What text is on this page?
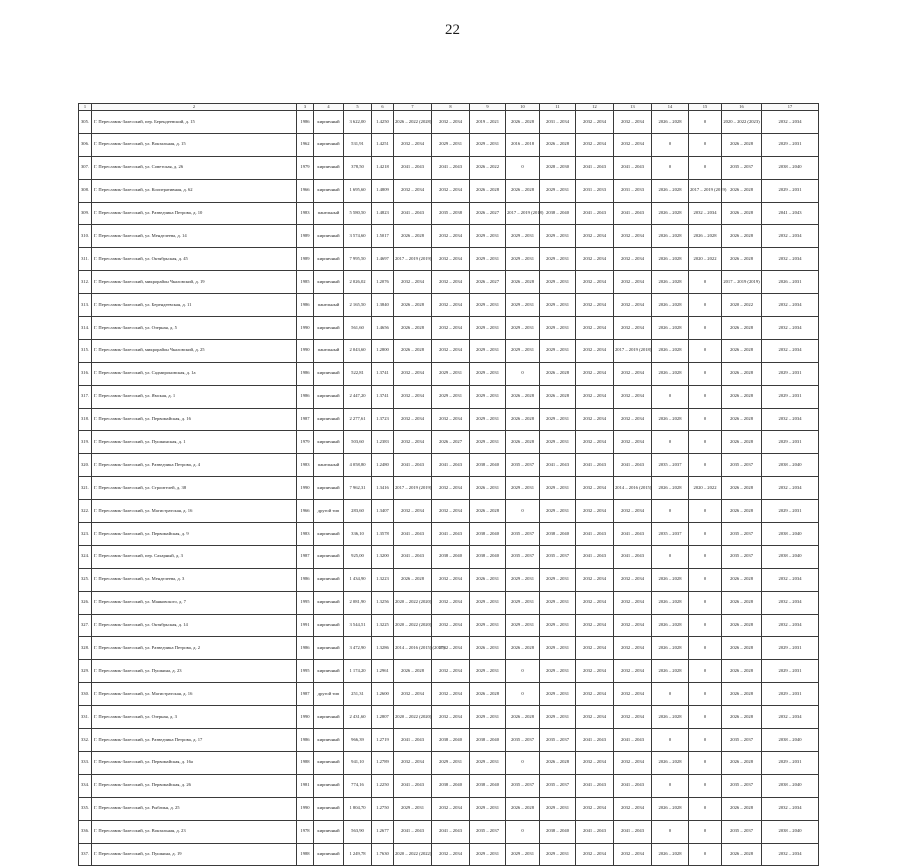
22
1	2	3	4	5	6	7	8	9	10	11	12	13	14	15	16	17
305.	Г. Переславль-Залесский, пер. Берендеевский, д. 15	1986	кирпичный	3 622,00	1.4250	2026 – 2022 (2028)	2032 – 2034	2019 – 2021	2026 – 2028	2031 – 2034	2032 – 2034	2032 – 2034	2026 – 2028	0	2020 – 2022 (2023)	2032 – 2034
306.	Г. Переславль-Залесский, ул. Вокзальная, д. 15	1962	кирпичный	531,91	1.4251	2032 – 2034	2029 – 2031	2029 – 2031	2016 – 2018	2026 – 2028	2032 – 2034	2032 – 2034	0	0	2026 – 2028	2029 – 2031
307.	Г. Переславль-Залесский, ул. Советская, д. 26	1979	кирпичный	378,50	1.4218	2041 – 2043	2041 – 2043	2026 – 2022	0	2028 – 2030	2041 – 2043	2041 – 2043	0	0	2035 – 2037	2038 – 2040
308.	Г. Переславль-Залесский, ул. Кооперативная, д. 62	1966	кирпичный	1 695,60	1.4809	2032 – 2034	2032 – 2034	2026 – 2028	2026 – 2028	2029 – 2031	2031 – 2033	2031 – 2033	2026 – 2028	2017 – 2019 (2019)	2026 – 2028	2029 – 2031
309.	Г. Переславль-Залесский, ул. Разведчика Петрова, д. 10	1983	панельный	5 580,50	1.4823	2041 – 2043	2035 – 2038	2026 – 2027	2017 – 2019 (2018)	2038 – 2040	2041 – 2043	2041 – 2043	2026 – 2028	2032 – 2034	2026 – 2028	2041 – 2043
310.	Г. Переславль-Залесский, ул. Менделеева, д. 14	1989	кирпичный	3 574,60	1.5017	2026 – 2028	2032 – 2034	2029 – 2031	2029 – 2031	2029 – 2031	2032 – 2034	2032 – 2034	2026 – 2028	2026 – 2028	2026 – 2028	2032 – 2034
311.	Г. Переславль-Залесский, ул. Октябрьская, д. 45	1989	кирпичный	7 995,50	1.4697	2017 – 2019 (2019)	2032 – 2034	2029 – 2031	2029 – 2031	2029 – 2031	2032 – 2034	2032 – 2034	2026 – 2028	2020 – 2022	2026 – 2028	2032 – 2034
312.	Г. Переславль-Залесский, микрорайон Чкаловский, д. 19	1985	кирпичный	2 026,02	1.2076	2032 – 2034	2032 – 2034	2026 – 2027	2026 – 2028	2029 – 2031	2032 – 2034	2032 – 2034	2026 – 2028	0	2017 – 2019 (2019)	2026 – 2031
313.	Г. Переславль-Залесский, ул. Берендеевская, д. 11	1986	панельный	2 165,50	1.3840	2026 – 2028	2032 – 2034	2029 – 2031	2029 – 2031	2029 – 2031	2032 – 2034	2032 – 2034	2026 – 2028	0	2020 – 2022	2032 – 2034
314.	Г. Переславль-Залесский, ул. Озерная, д. 5	1990	кирпичный	561,60	1.4656	2026 – 2028	2032 – 2034	2029 – 2031	2029 – 2031	2029 – 2031	2032 – 2034	2032 – 2034	2026 – 2028	0	2026 – 2028	2032 – 2034
315.	Г. Переславль-Залесский, микрорайон Чкаловский, д. 25	1990	панельный	2 043,60	1.2800	2026 – 2028	2032 – 2034	2029 – 2031	2029 – 2031	2029 – 2031	2032 – 2034	2017 – 2019 (2018)	2026 – 2028	0	2026 – 2028	2032 – 2034
316.	Г. Переславль-Залесский, ул. Садмироновская, д. 1а	1986	кирпичный	522,81	1.3741	2032 – 2034	2029 – 2031	2029 – 2031	0	2026 – 2028	2032 – 2034	2032 – 2034	2026 – 2028	0	2026 – 2028	2029 – 2031
317.	Г. Переславль-Залесский, ул. Ямская, д. 1	1986	кирпичный	2 447,20	1.3741	2032 – 2034	2029 – 2031	2029 – 2031	2026 – 2028	2026 – 2028	2032 – 2034	2032 – 2034	0	0	2026 – 2028	2029 – 2031
318.	Г. Переславль-Залесский, ул. Первомайская, д. 16	1987	кирпичный	2 277,61	1.3723	2032 – 2034	2032 – 2034	2029 – 2031	2026 – 2028	2029 – 2031	2032 – 2034	2032 – 2034	2026 – 2028	0	2026 – 2028	2032 – 2034
319.	Г. Переславль-Залесский, ул. Пушкинская, д. 1	1979	кирпичный	503,60	1.2383	2032 – 2034	2026 – 2027	2029 – 2031	2026 – 2028	2029 – 2031	2032 – 2034	2032 – 2034	0	0	2026 – 2028	2029 – 2031
320.	Г. Переславль-Залесский, ул. Разведчика Петрова, д. 4	1983	панельный	4 058,80	1.2480	2041 – 2043	2041 – 2043	2038 – 2040	2035 – 2037	2041 – 2043	2041 – 2043	2041 – 2043	2035 – 2037	0	2035 – 2037	2038 – 2040
321.	Г. Переславль-Залесский, ул. Строителей, д. 38	1990	кирпичный	7 962,31	1.3416	2017 – 2019 (2019)	2032 – 2034	2026 – 2031	2029 – 2031	2029 – 2031	2032 – 2034	2014 – 2016 (2015)	2026 – 2028	2020 – 2022	2026 – 2028	2032 – 2034
322.	Г. Переславль-Залесский, ул. Магистратская, д. 16	1966	другой тип	283,60	1.3407	2032 – 2034	2032 – 2034	2026 – 2028	0	2029 – 2031	2032 – 2034	2032 – 2034	0	0	2026 – 2028	2029 – 2031
323.	Г. Переславль-Залесский, ул. Первомайская, д. 9	1983	кирпичный	336,10	1.3578	2041 – 2043	2041 – 2043	2038 – 2040	2035 – 2037	2038 – 2040	2041 – 2043	2041 – 2043	2035 – 2037	0	2035 – 2037	2038 – 2040
324.	Г. Переславль-Залесский, пер. Сахарный, д. 3	1987	кирпичный	925,00	1.3200	2041 – 2043	2038 – 2040	2038 – 2040	2035 – 2037	2035 – 2037	2041 – 2043	2041 – 2043	0	0	2035 – 2037	2038 – 2040
325.	Г. Переславль-Залесский, ул. Менделеева, д. 3	1986	кирпичный	1 434,90	1.3223	2026 – 2028	2032 – 2034	2026 – 2031	2029 – 2031	2029 – 2031	2032 – 2034	2032 – 2034	2026 – 2028	0	2026 – 2028	2032 – 2034
326.	Г. Переславль-Залесский, ул. Маяковского, д. 7	1995	кирпичный	2 081,90	1.3256	2020 – 2022 (2020)	2032 – 2034	2029 – 2031	2029 – 2031	2029 – 2031	2032 – 2034	2032 – 2034	2026 – 2028	0	2026 – 2028	2032 – 2034
327.	Г. Переславль-Залесский, ул. Октябрьская, д. 14	1991	кирпичный	3 544,51	1.3225	2020 – 2022 (2020)	2032 – 2034	2029 – 2031	2029 – 2031	2029 – 2031	2032 – 2034	2032 – 2034	2026 – 2028	0	2026 – 2028	2032 – 2034
328.	Г. Переславль-Залесский, ул. Разведчика Петрова, д. 2	1986	кирпичный	3 472,90	1.3286	2014 – 2016 (2015) (2017)	2032 – 2034	2026 – 2031	2026 – 2028	2029 – 2031	2032 – 2034	2032 – 2034	2026 – 2028	0	2026 – 2028	2029 – 2031
329.	Г. Переславль-Залесский, ул. Пушкина, д. 23	1995	кирпичный	1 174,20	1.2961	2026 – 2028	2032 – 2034	2029 – 2031	0	2029 – 2031	2032 – 2034	2032 – 2034	2026 – 2028	0	2026 – 2028	2029 – 2031
330.	Г. Переславль-Залесский, ул. Магистратская, д. 16	1987	другой тип	251,31	1.2600	2032 – 2034	2032 – 2034	2026 – 2028	0	2029 – 2031	2032 – 2034	2032 – 2034	0	0	2026 – 2028	2029 – 2031
331.	Г. Переславль-Залесский, ул. Озерная, д. 3	1990	кирпичный	2 431,60	1.2807	2020 – 2022 (2020)	2032 – 2034	2029 – 2031	2026 – 2028	2029 – 2031	2032 – 2034	2032 – 2034	2026 – 2028	0	2026 – 2028	2032 – 2034
332.	Г. Переславль-Залесский, ул. Разведчика Петрова, д. 17	1986	кирпичный	966,39	1.2719	2041 – 2043	2038 – 2040	2038 – 2040	2035 – 2037	2035 – 2037	2041 – 2043	2041 – 2043	0	0	2035 – 2037	2038 – 2040
333.	Г. Переславль-Залесский, ул. Первомайская, д. 16а	1988	кирпичный	941,10	1.2789	2032 – 2034	2029 – 2031	2029 – 2031	0	2026 – 2028	2032 – 2034	2032 – 2034	2026 – 2028	0	2026 – 2028	2029 – 2031
334.	Г. Переславль-Залесский, ул. Первомайская, д. 26	1981	кирпичный	774,16	1.2250	2041 – 2043	2038 – 2040	2038 – 2040	2035 – 2037	2035 – 2037	2041 – 2043	2041 – 2043	0	0	2035 – 2037	2038 – 2040
335.	Г. Переславль-Залесский, ул. Рыбачья, д. 25	1990	кирпичный	1 804,70	1.2750	2029 – 2031	2032 – 2034	2029 – 2031	2026 – 2028	2029 – 2031	2032 – 2034	2032 – 2034	2026 – 2028	0	2026 – 2028	2032 – 2034
336.	Г. Переславль-Залесский, ул. Вокзальная, д. 23	1978	кирпичный	563,90	1.2677	2041 – 2043	2041 – 2043	2035 – 2037	0	2038 – 2040	2041 – 2043	2041 – 2043	0	0	2035 – 2037	2038 – 2040
337.	Г. Переславль-Залесский, ул. Пушкина, д. 19	1988	кирпичный	1 249,78	1.7630	2020 – 2022 (2022)	2032 – 2034	2029 – 2031	2029 – 2031	2029 – 2031	2032 – 2034	2032 – 2034	2026 – 2028	0	2026 – 2028	2032 – 2034
